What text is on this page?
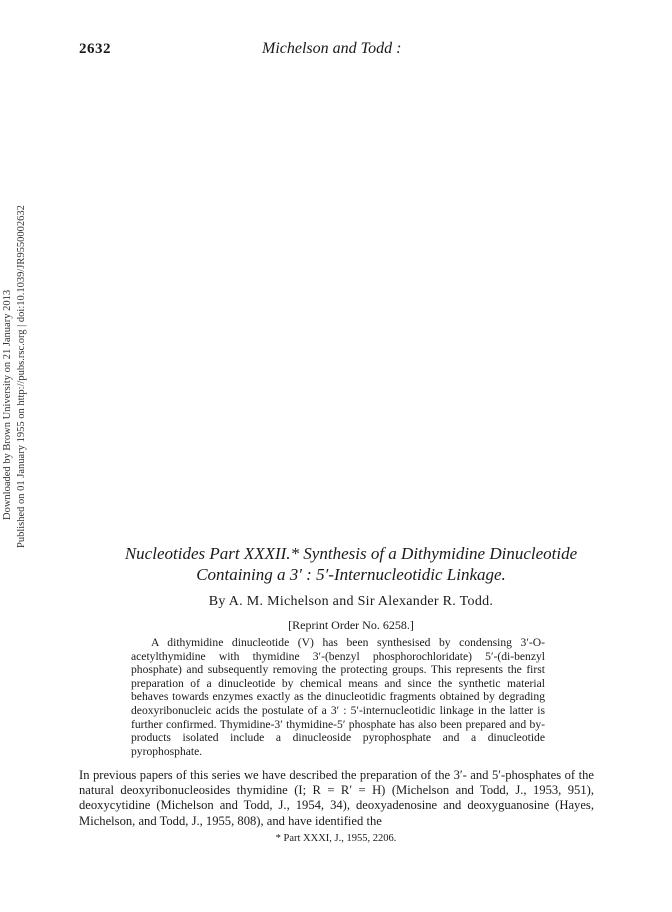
2632	Michelson and Todd :
Downloaded by Brown University on 21 January 2013 Published on 01 January 1955 on http://pubs.rsc.org | doi:10.1039/JR9550002632
Nucleotides Part XXXII.* Synthesis of a Dithymidine Dinucleotide
Containing a 3′ : 5′-Internucleotidic Linkage.
By A. M. Michelson and Sir Alexander R. Todd.
[Reprint Order No. 6258.]
A dithymidine dinucleotide (V) has been synthesised by condensing 3′-O-acetylthymidine with thymidine 3′-(benzyl phosphorochloridate) 5′-(di-benzyl phosphate) and subsequently removing the protecting groups. This represents the first preparation of a dinucleotide by chemical means and since the synthetic material behaves towards enzymes exactly as the dinucleotidic fragments obtained by degrading deoxyribonucleic acids the postulate of a 3′ : 5′-internucleotidic linkage in the latter is further confirmed. Thymidine-3′ thymidine-5′ phosphate has also been prepared and by-products isolated include a dinucleoside pyrophosphate and a dinucleotide pyrophosphate.
In previous papers of this series we have described the preparation of the 3′- and 5′-phosphates of the natural deoxyribonucleosides thymidine (I; R = R′ = H) (Michelson and Todd, J., 1953, 951), deoxycytidine (Michelson and Todd, J., 1954, 34), deoxyadenosine and deoxyguanosine (Hayes, Michelson, and Todd, J., 1955, 808), and have identified the
* Part XXXI, J., 1955, 2206.
